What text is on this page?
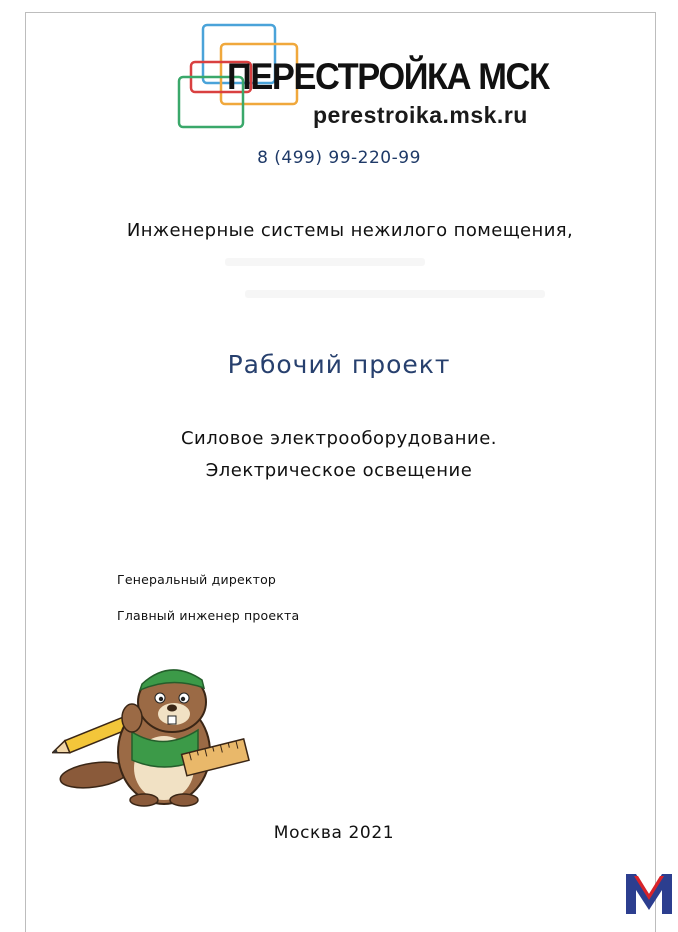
ПЕРЕСТРОЙКА МСК
perestroika.msk.ru
8 (499) 99-220-99
Инженерные системы нежилого помещения,
Рабочий проект
Силовое электрооборудование.
Электрическое освещение
Генеральный директор
Главный инженер проекта
Москва 2021
